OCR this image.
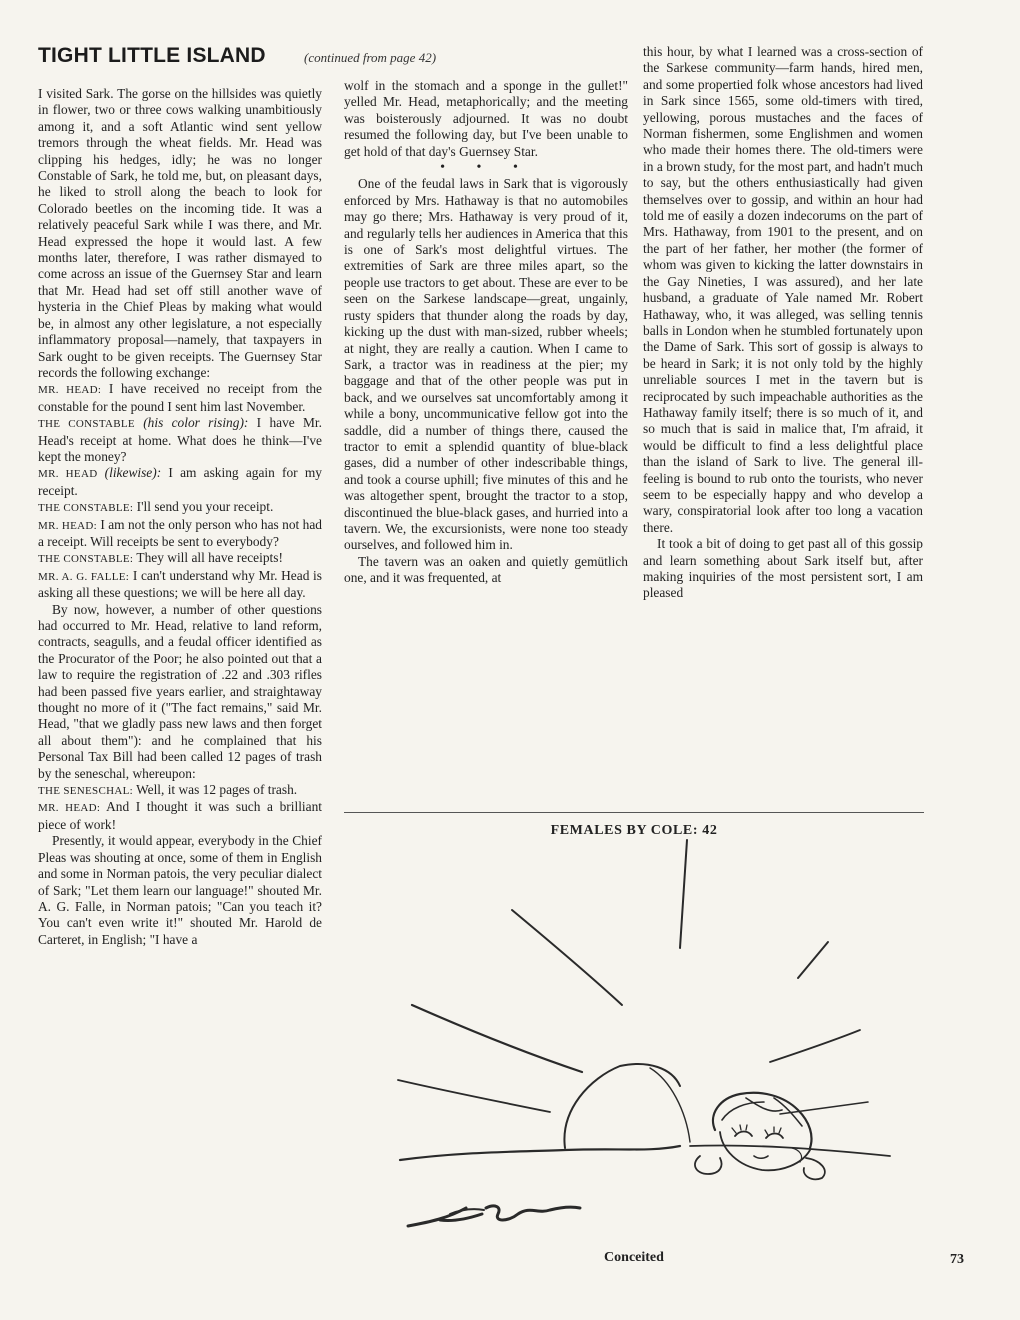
TIGHT LITTLE ISLAND	(continued from page 42)

I visited Sark. The gorse on the hillsides was quietly in flower, two or three cows walking unambitiously among it, and a soft Atlantic wind sent yellow tremors through the wheat fields. Mr. Head was clipping his hedges, idly; he was no longer Constable of Sark, he told me, but, on pleasant days, he liked to stroll along the beach to look for Colorado beetles on the incoming tide. It was a relatively peaceful Sark while I was there, and Mr. Head expressed the hope it would last. A few months later, therefore, I was rather dismayed to come across an issue of the Guernsey Star and learn that Mr. Head had set off still another wave of hysteria in the Chief Pleas by making what would be, in almost any other legislature, a not especially inflammatory proposal—namely, that taxpayers in Sark ought to be given receipts. The Guernsey Star records the following exchange:

MR. HEAD: I have received no receipt from the constable for the pound I sent him last November.

THE CONSTABLE (his color rising): I have Mr. Head's receipt at home. What does he think—I've kept the money?

MR. HEAD (likewise): I am asking again for my receipt.

THE CONSTABLE: I'll send you your receipt.

MR. HEAD: I am not the only person who has not had a receipt. Will receipts be sent to everybody?

THE CONSTABLE: They will all have receipts!

MR. A. G. FALLE: I can't understand why Mr. Head is asking all these questions; we will be here all day.

By now, however, a number of other questions had occurred to Mr. Head, relative to land reform, contracts, seagulls, and a feudal officer identified as the Procurator of the Poor; he also pointed out that a law to require the registration of .22 and .303 rifles had been passed five years earlier, and straightaway thought no more of it ("The fact remains," said Mr. Head, "that we gladly pass new laws and then forget all about them"): and he complained that his Personal Tax Bill had been called 12 pages of trash by the seneschal, whereupon:

THE SENESCHAL: Well, it was 12 pages of trash.

MR. HEAD: And I thought it was such a brilliant piece of work!

Presently, it would appear, everybody in the Chief Pleas was shouting at once, some of them in English and some in Norman patois, the very peculiar dialect of Sark; "Let them learn our language!" shouted Mr. A. G. Falle, in Norman patois; "Can you teach it? You can't even write it!" shouted Mr. Harold de Carteret, in English; "I have a

wolf in the stomach and a sponge in the gullet!" yelled Mr. Head, metaphorically; and the meeting was boisterously adjourned. It was no doubt resumed the following day, but I've been unable to get hold of that day's Guernsey Star.

• • •

One of the feudal laws in Sark that is vigorously enforced by Mrs. Hathaway is that no automobiles may go there; Mrs. Hathaway is very proud of it, and regularly tells her audiences in America that this is one of Sark's most delightful virtues. The extremities of Sark are three miles apart, so the people use tractors to get about. These are ever to be seen on the Sarkese landscape—great, ungainly, rusty spiders that thunder along the roads by day, kicking up the dust with man-sized, rubber wheels; at night, they are really a caution. When I came to Sark, a tractor was in readiness at the pier; my baggage and that of the other people was put in back, and we ourselves sat uncomfortably among it while a bony, uncommunicative fellow got into the saddle, did a number of things there, caused the tractor to emit a splendid quantity of blue-black gases, did a number of other indescribable things, and took a course uphill; five minutes of this and he was altogether spent, brought the tractor to a stop, discontinued the blue-black gases, and hurried into a tavern. We, the excursionists, were none too steady ourselves, and followed him in.

The tavern was an oaken and quietly gemütlich one, and it was frequented, at

this hour, by what I learned was a cross-section of the Sarkese community—farm hands, hired men, and some propertied folk whose ancestors had lived in Sark since 1565, some old-timers with tired, yellowing, porous mustaches and the faces of Norman fishermen, some Englishmen and women who made their homes there. The old-timers were in a brown study, for the most part, and hadn't much to say, but the others enthusiastically had given themselves over to gossip, and within an hour had told me of easily a dozen indecorums on the part of Mrs. Hathaway, from 1901 to the present, and on the part of her father, her mother (the former of whom was given to kicking the latter downstairs in the Gay Nineties, I was assured), and her late husband, a graduate of Yale named Mr. Robert Hathaway, who, it was alleged, was selling tennis balls in London when he stumbled fortunately upon the Dame of Sark. This sort of gossip is always to be heard in Sark; it is not only told by the highly unreliable sources I met in the tavern but is reciprocated by such impeachable authorities as the Hathaway family itself; there is so much of it, and so much that is said in malice that, I'm afraid, it would be difficult to find a less delightful place than the island of Sark to live. The general ill-feeling is bound to rub onto the tourists, who never seem to be especially happy and who develop a wary, conspiratorial look after too long a vacation there.

It took a bit of doing to get past all of this gossip and learn something about Sark itself but, after making inquiries of the most persistent sort, I am pleased

FEMALES BY COLE: 42
Conceited	73
